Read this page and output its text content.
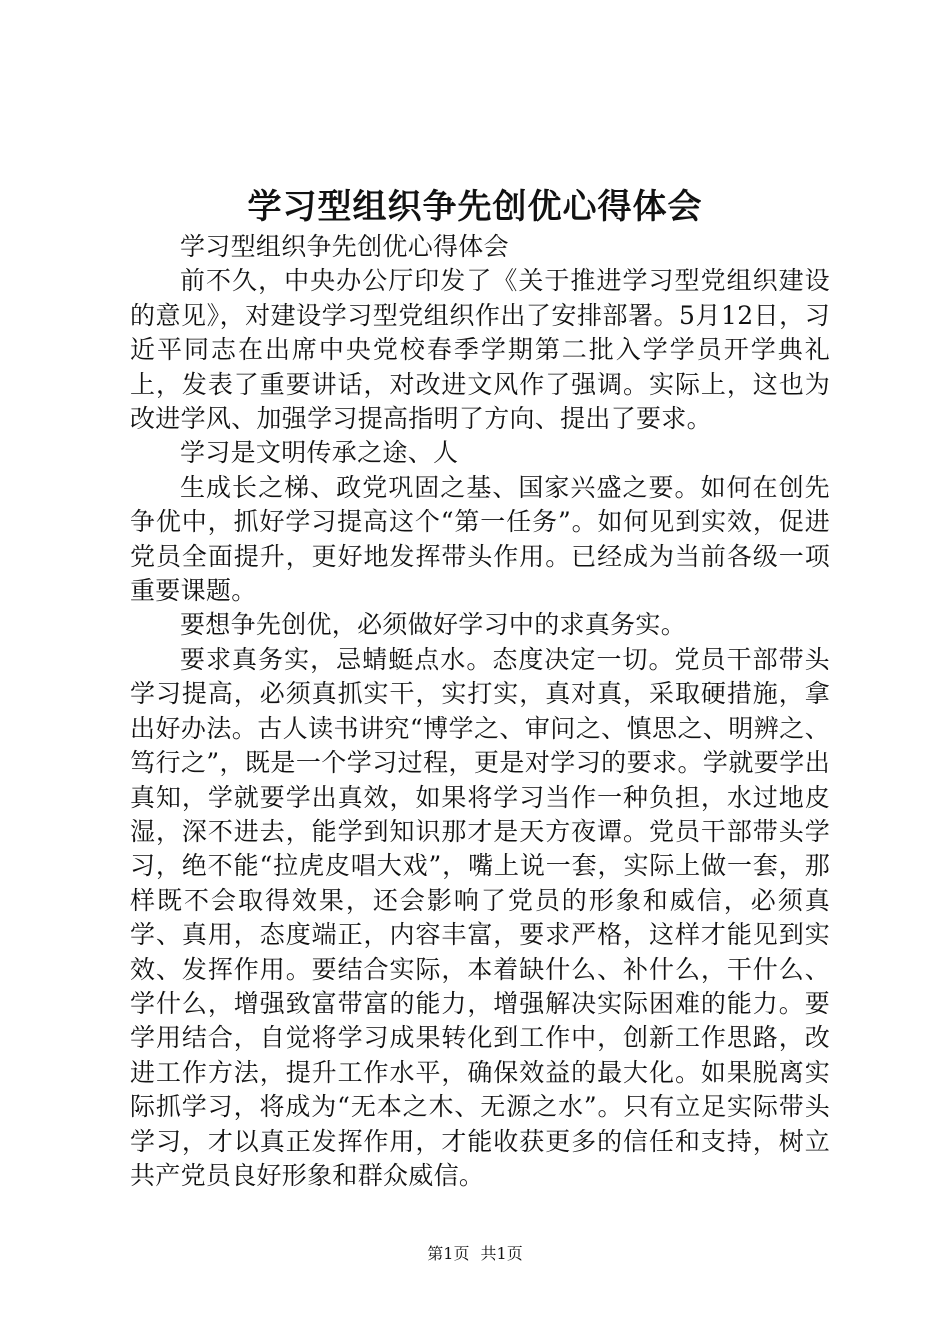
学习型组织争先创优心得体会

学习型组织争先创优心得体会

前不久，中央办公厅印发了《关于推进学习型党组织建设的意见》，对建设学习型党组织作出了安排部署。5月12日，习近平同志在出席中央党校春季学期第二批入学学员开学典礼上，发表了重要讲话，对改进文风作了强调。实际上，这也为改进学风、加强学习提高指明了方向、提出了要求。

学习是文明传承之途、人

生成长之梯、政党巩固之基、国家兴盛之要。如何在创先争优中，抓好学习提高这个“第一任务”。如何见到实效，促进党员全面提升，更好地发挥带头作用。已经成为当前各级一项重要课题。

要想争先创优，必须做好学习中的求真务实。

要求真务实，忌蜻蜓点水。态度决定一切。党员干部带头学习提高，必须真抓实干，实打实，真对真，采取硬措施，拿出好办法。古人读书讲究“博学之、审问之、慎思之、明辨之、笃行之”，既是一个学习过程，更是对学习的要求。学就要学出真知，学就要学出真效，如果将学习当作一种负担，水过地皮湿，深不进去，能学到知识那才是天方夜谭。党员干部带头学习，绝不能“拉虎皮唱大戏”，嘴上说一套，实际上做一套，那样既不会取得效果，还会影响了党员的形象和威信，必须真学、真用，态度端正，内容丰富，要求严格，这样才能见到实效、发挥作用。要结合实际，本着缺什么、补什么，干什么、学什么，增强致富带富的能力，增强解决实际困难的能力。要学用结合，自觉将学习成果转化到工作中，创新工作思路，改进工作方法，提升工作水平，确保效益的最大化。如果脱离实际抓学习，将成为“无本之木、无源之水”。只有立足实际带头学习，才以真正发挥作用，才能收获更多的信任和支持，树立共产党员良好形象和群众威信。

第1页 共1页
